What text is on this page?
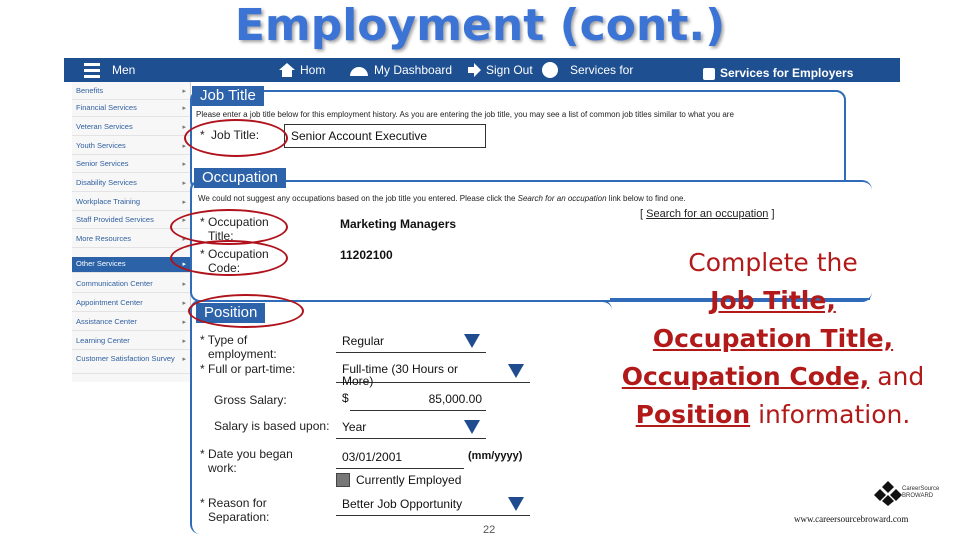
Employment (cont.)
Men	Hom	My Dashboard	Sign Out	Services for	Services for Employers
Benefits	▸
Financial Services	▸
Veteran Services	▸
Youth Services	▸
Senior Services	▸
Disability Services	▸
Workplace Training	▸
Staff Provided Services	▸
More Resources	▸
Other Services	▸
Communication Center	▸
Appointment Center	▸
Assistance Center	▸
Learning Center	▸
Customer Satisfaction Survey ▸
Job Title
Please enter a job title below for this employment history. As you are entering the job title, you may see a list of common job titles similar to what you are
* Job Title:	Senior Account Executive
Occupation
We could not suggest any occupations based on the job title you entered. Please click the Search for an occupation link below to find one.
[ Search for an occupation ]
* Occupation
Title:
Marketing Managers
* Occupation
Code:
11202100
Position
* Type of
employment:
Regular
* Full or part-time:	Full-time (30 Hours or
More)
Gross Salary:	$	85,000.00
Salary is based upon: Year
* Date you began
work:
03/01/2001	(mm/yyyy)
Currently Employed
* Reason for
Separation:
Better Job Opportunity
22
Complete the
Job Title,
Occupation Title,
Occupation Code, and
Position information.
CareerSource BROWARD
www.careersourcebroward.com
